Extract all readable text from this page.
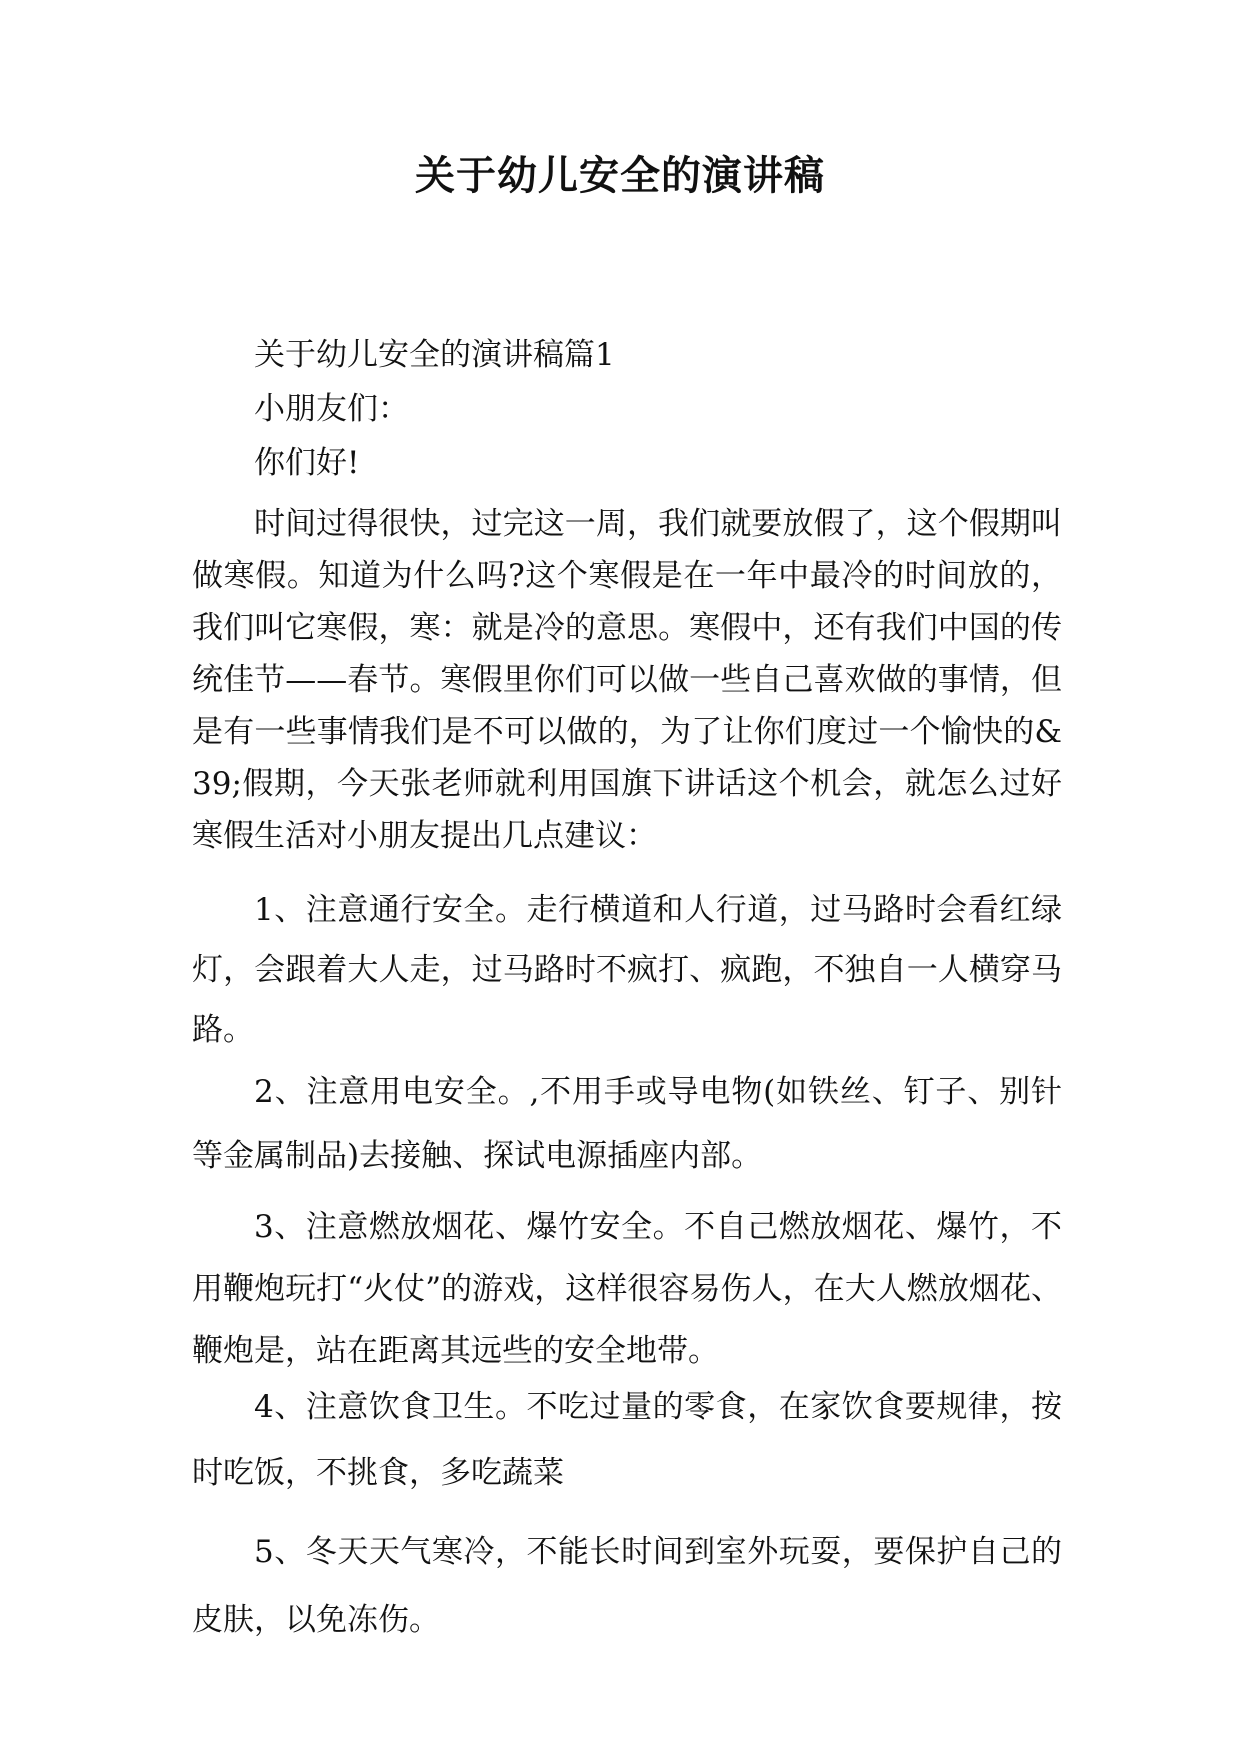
关于幼儿安全的演讲稿

关于幼儿安全的演讲稿篇1

小朋友们：

你们好!

时间过得很快，过完这一周，我们就要放假了，这个假期叫做寒假。知道为什么吗?这个寒假是在一年中最冷的时间放的，我们叫它寒假，寒：就是冷的意思。寒假中，还有我们中国的传统佳节——春节。寒假里你们可以做一些自己喜欢做的事情，但是有一些事情我们是不可以做的，为了让你们度过一个愉快的&39;假期，今天张老师就利用国旗下讲话这个机会，就怎么过好寒假生活对小朋友提出几点建议：

1、注意通行安全。走行横道和人行道，过马路时会看红绿灯，会跟着大人走，过马路时不疯打、疯跑，不独自一人横穿马路。

2、注意用电安全。,不用手或导电物(如铁丝、钉子、别针等金属制品)去接触、探试电源插座内部。

3、注意燃放烟花、爆竹安全。不自己燃放烟花、爆竹，不用鞭炮玩打“火仗”的游戏，这样很容易伤人，在大人燃放烟花、鞭炮是，站在距离其远些的安全地带。

4、注意饮食卫生。不吃过量的零食，在家饮食要规律，按时吃饭，不挑食，多吃蔬菜

5、冬天天气寒冷，不能长时间到室外玩耍，要保护自己的皮肤，以免冻伤。
